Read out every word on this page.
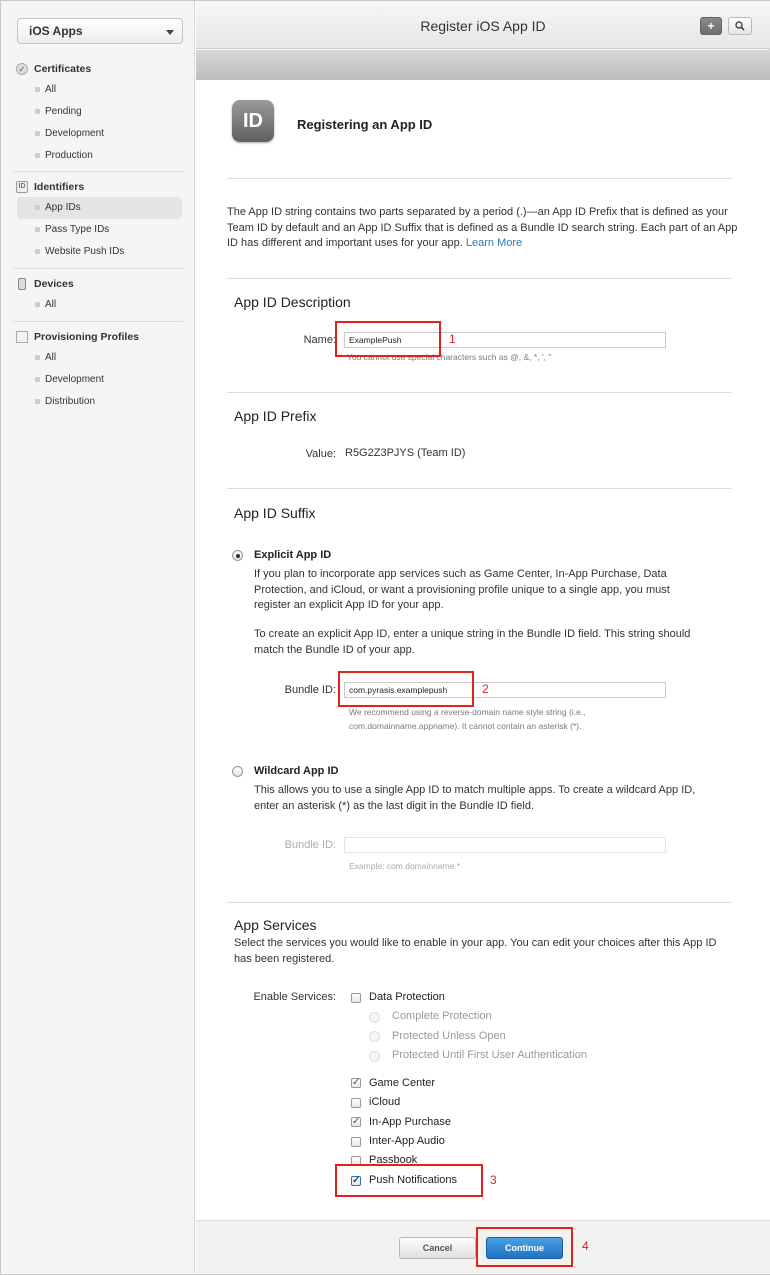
iOS Apps
✓ Certificates
All
Pending
Development
Production
ID Identifiers
App IDs
Pass Type IDs
Website Push IDs
Devices
All
Provisioning Profiles
All
Development
Distribution
Register iOS App ID	+
ID	Registering an App ID
The App ID string contains two parts separated by a period (.)—an App ID Prefix that is defined as your Team ID by default and an App ID Suffix that is defined as a Bundle ID search string. Each part of an App ID has different and important uses for your app. Learn More
App ID Description
Name:	ExamplePush
You cannot use special characters such as @, &, *, ', "
1
App ID Prefix
Value: R5G2Z3PJYS (Team ID)
App ID Suffix
Explicit App ID
If you plan to incorporate app services such as Game Center, In-App Purchase, Data Protection, and iCloud, or want a provisioning profile unique to a single app, you must register an explicit App ID for your app.
To create an explicit App ID, enter a unique string in the Bundle ID field. This string should match the Bundle ID of your app.
Bundle ID:	com.pyrasis.examplepush
We recommend using a reverse-domain name style string (i.e., com.domainname.appname). It cannot contain an asterisk (*).
2
Wildcard App ID
This allows you to use a single App ID to match multiple apps. To create a wildcard App ID, enter an asterisk (*) as the last digit in the Bundle ID field.
Bundle ID:
Example: com.domainname.*
App Services
Select the services you would like to enable in your app. You can edit your choices after this App ID has been registered.
Enable Services:	Data Protection
Complete Protection
Protected Unless Open
Protected Until First User Authentication
✓ Game Center
iCloud
✓ In-App Purchase
Inter-App Audio
Passbook
✓ Push Notifications	3
Cancel	Continue	4
